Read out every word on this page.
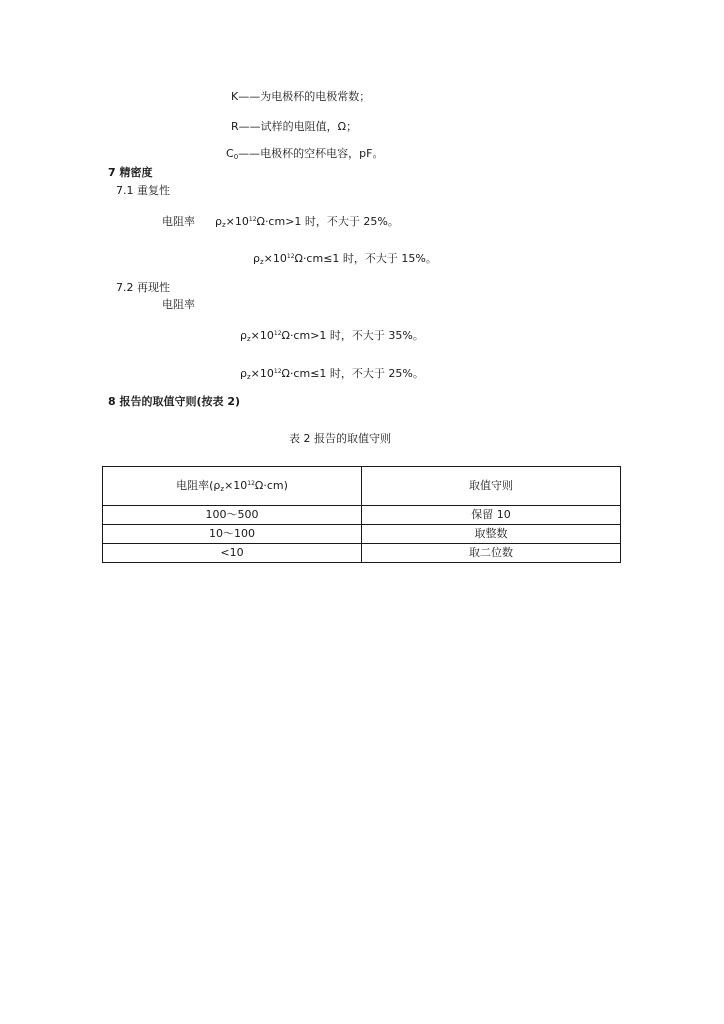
K——为电极杯的电极常数；
R——试样的电阻值，Ω；
$C_0——$电极杯的空杯电容，pF。
7 精密度
7.1 重复性
电阻率 $\rho_z\times 10^{12}\Omega\cdot cm>1$ 时，不大于 25%。
$\rho_z\times 10^{12}\Omega\cdot cm\le 1$ 时，不大于 15%。
7.2 再现性
电阻率
$\rho_z\times 10^{12}\Omega\cdot cm>1$ 时，不大于 35%。
$\rho_z\times 10^{12}\Omega\cdot cm\le 1$ 时，不大于 25%。
8 报告的取值守则(按表 2)
表 2 报告的取值守则
电阻率$(\rho_z\times 10^{12}\Omega\cdot cm)$	取值守则
100～500	保留 10
10～100	取整数
<10	取二位数
